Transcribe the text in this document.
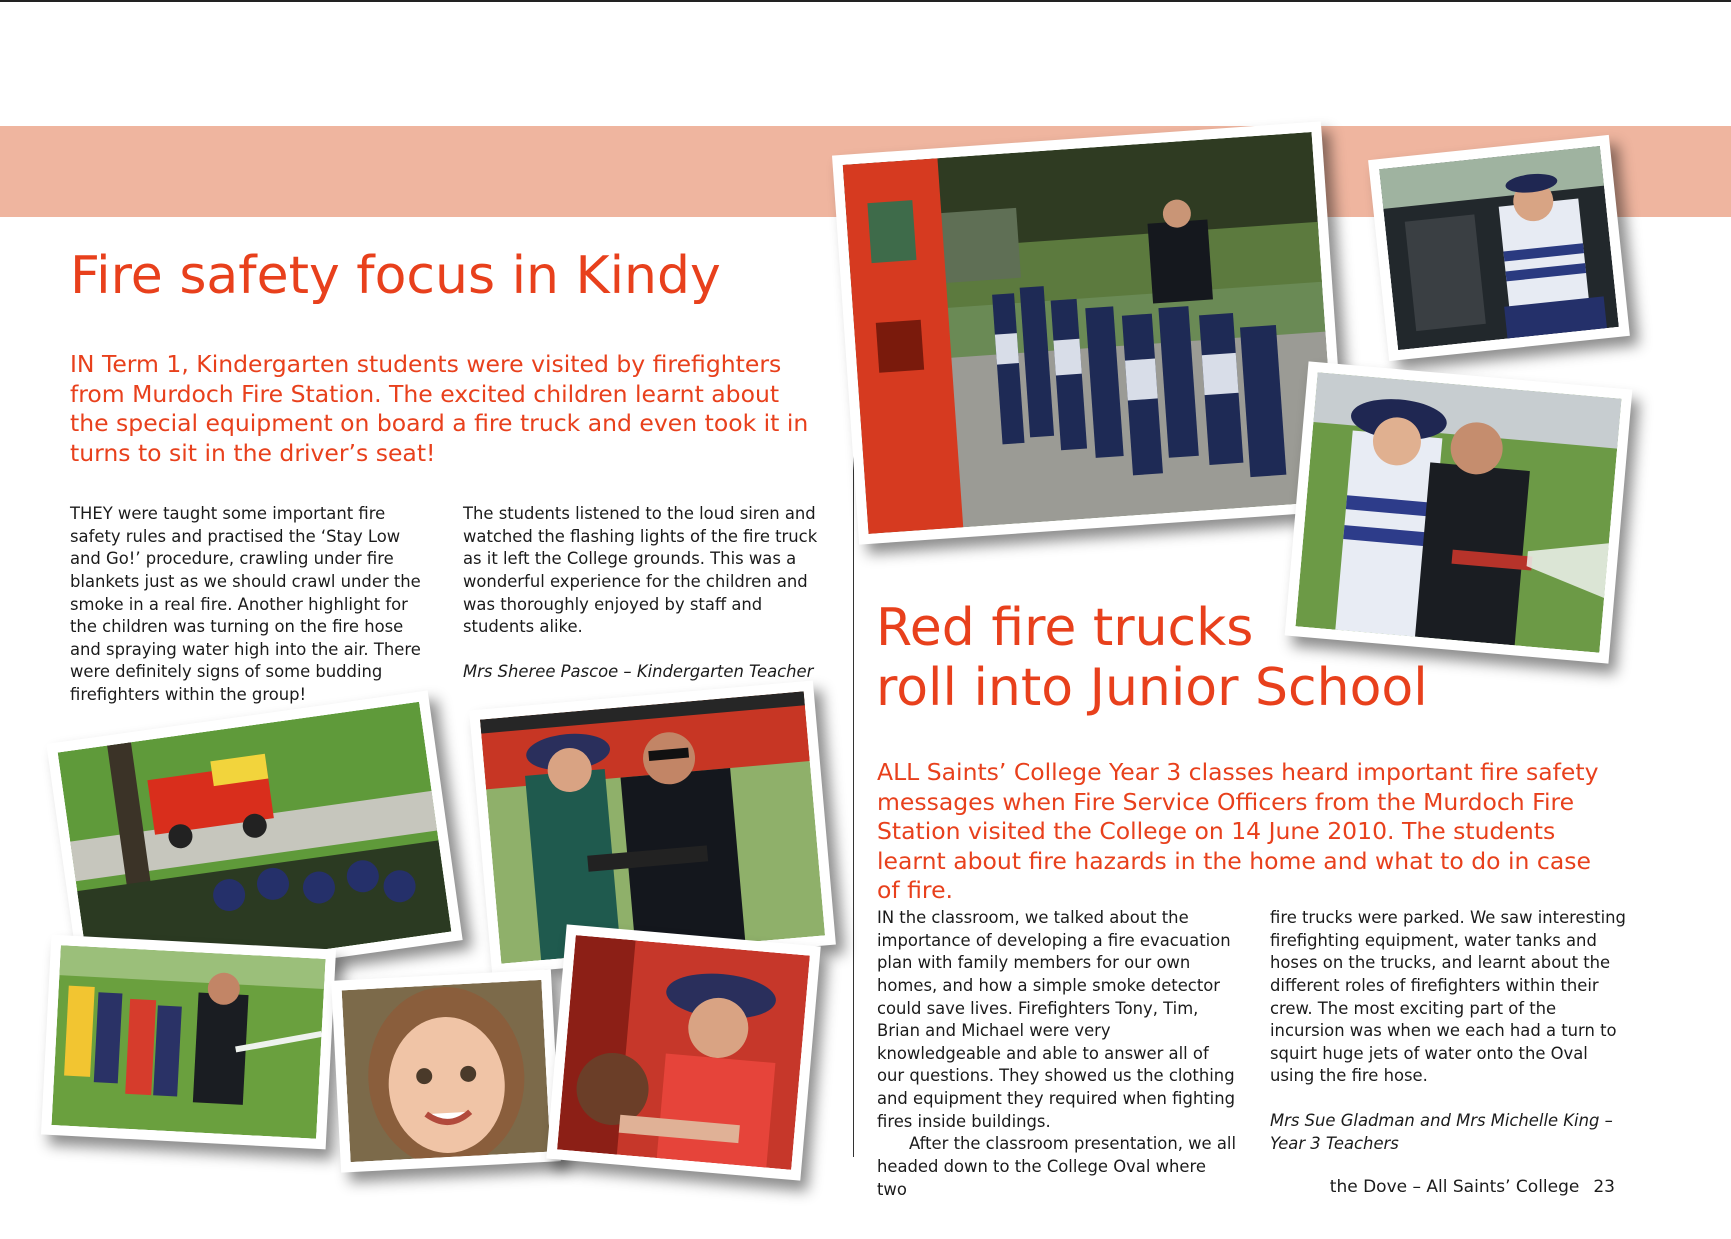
Fire safety focus in Kindy

IN Term 1, Kindergarten students were visited by firefighters from Murdoch Fire Station. The excited children learnt about the special equipment on board a fire truck and even took it in turns to sit in the driver’s seat!

THEY were taught some important fire safety rules and practised the ‘Stay Low and Go!’ procedure, crawling under fire blankets just as we should crawl under the smoke in a real fire. Another highlight for the children was turning on the fire hose and spraying water high into the air. There were definitely signs of some budding firefighters within the group!

The students listened to the loud siren and watched the flashing lights of the fire truck as it left the College grounds. This was a wonderful experience for the children and was thoroughly enjoyed by staff and students alike.

Mrs Sheree Pascoe – Kindergarten Teacher

Red fire trucks
roll into Junior School

ALL Saints’ College Year 3 classes heard important fire safety messages when Fire Service Officers from the Murdoch Fire Station visited the College on 14 June 2010. The students learnt about fire hazards in the home and what to do in case of fire.

IN the classroom, we talked about the importance of developing a fire evacuation plan with family members for our own homes, and how a simple smoke detector could save lives. Firefighters Tony, Tim, Brian and Michael were very knowledgeable and able to answer all of our questions. They showed us the clothing and equipment they required when fighting fires inside buildings.

After the classroom presentation, we all headed down to the College Oval where two

fire trucks were parked. We saw interesting firefighting equipment, water tanks and hoses on the trucks, and learnt about the different roles of firefighters within their crew. The most exciting part of the incursion was when we each had a turn to squirt huge jets of water onto the Oval using the fire hose.

Mrs Sue Gladman and Mrs Michelle King –
Year 3 Teachers

the Dove – All Saints’ College 23
